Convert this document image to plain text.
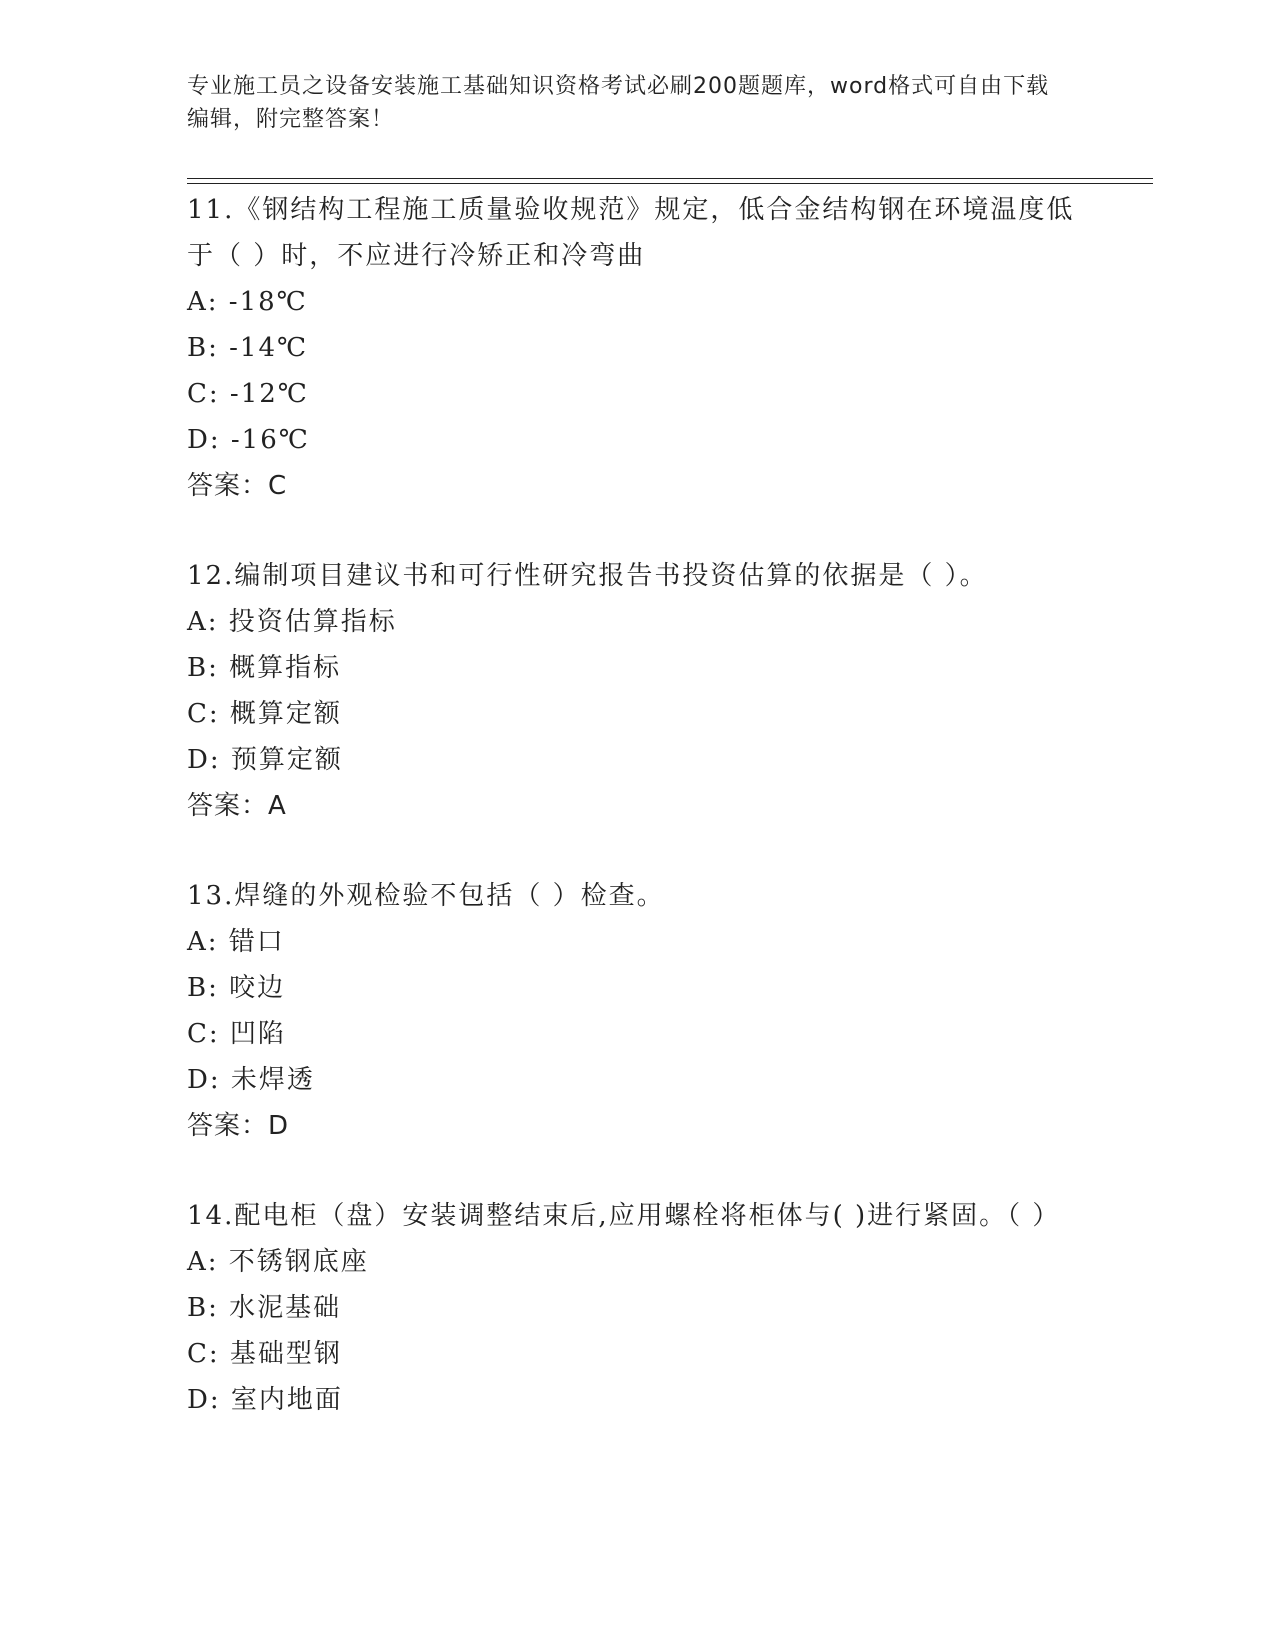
专业施工员之设备安装施工基础知识资格考试必刷200题题库，word格式可自由下载编辑，附完整答案！

11.《钢结构工程施工质量验收规范》规定，低合金结构钢在环境温度低于（ ）时，不应进行冷矫正和冷弯曲

A: -18℃

B: -14℃

C: -12℃

D: -16℃

答案：C

12.编制项目建议书和可行性研究报告书投资估算的依据是（ ）。

A: 投资估算指标

B: 概算指标

C: 概算定额

D: 预算定额

答案：A

13.焊缝的外观检验不包括（ ）检查。

A: 错口

B: 咬边

C: 凹陷

D: 未焊透

答案：D

14.配电柜（盘）安装调整结束后,应用螺栓将柜体与( )进行紧固。（ ）

A: 不锈钢底座

B: 水泥基础

C: 基础型钢

D: 室内地面
